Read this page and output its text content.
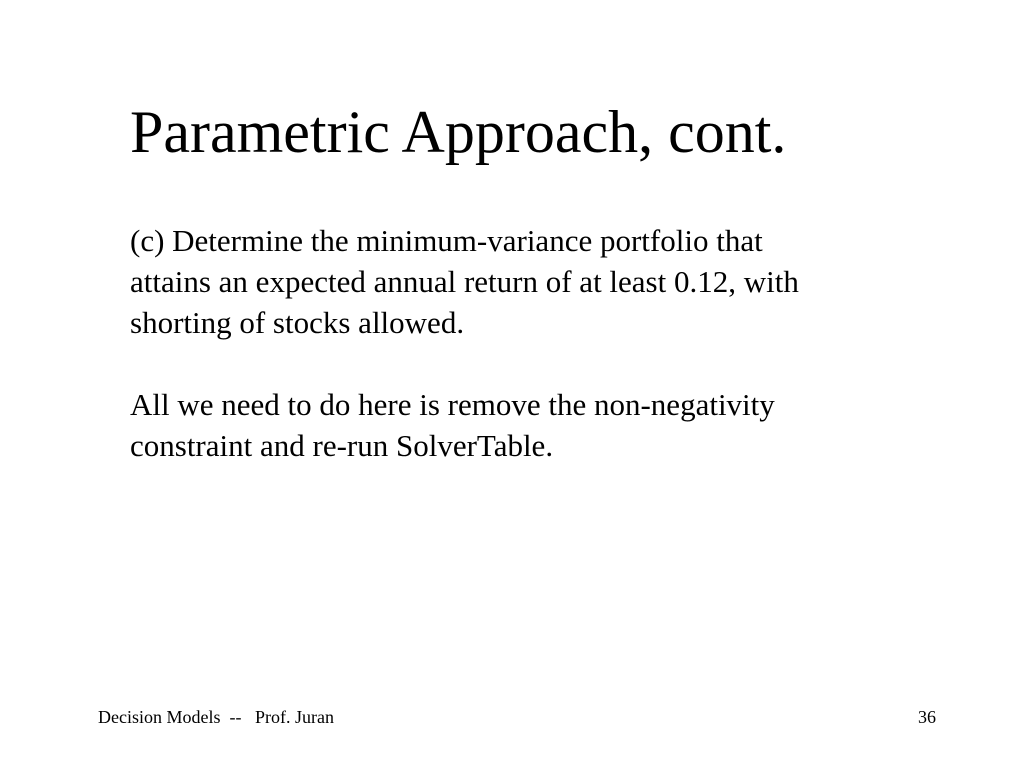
Parametric Approach, cont.

(c) Determine the minimum-variance portfolio that
attains an expected annual return of at least 0.12, with
shorting of stocks allowed.

All we need to do here is remove the non-negativity
constraint and re-run SolverTable.

Decision Models  --   Prof. Juran	36
